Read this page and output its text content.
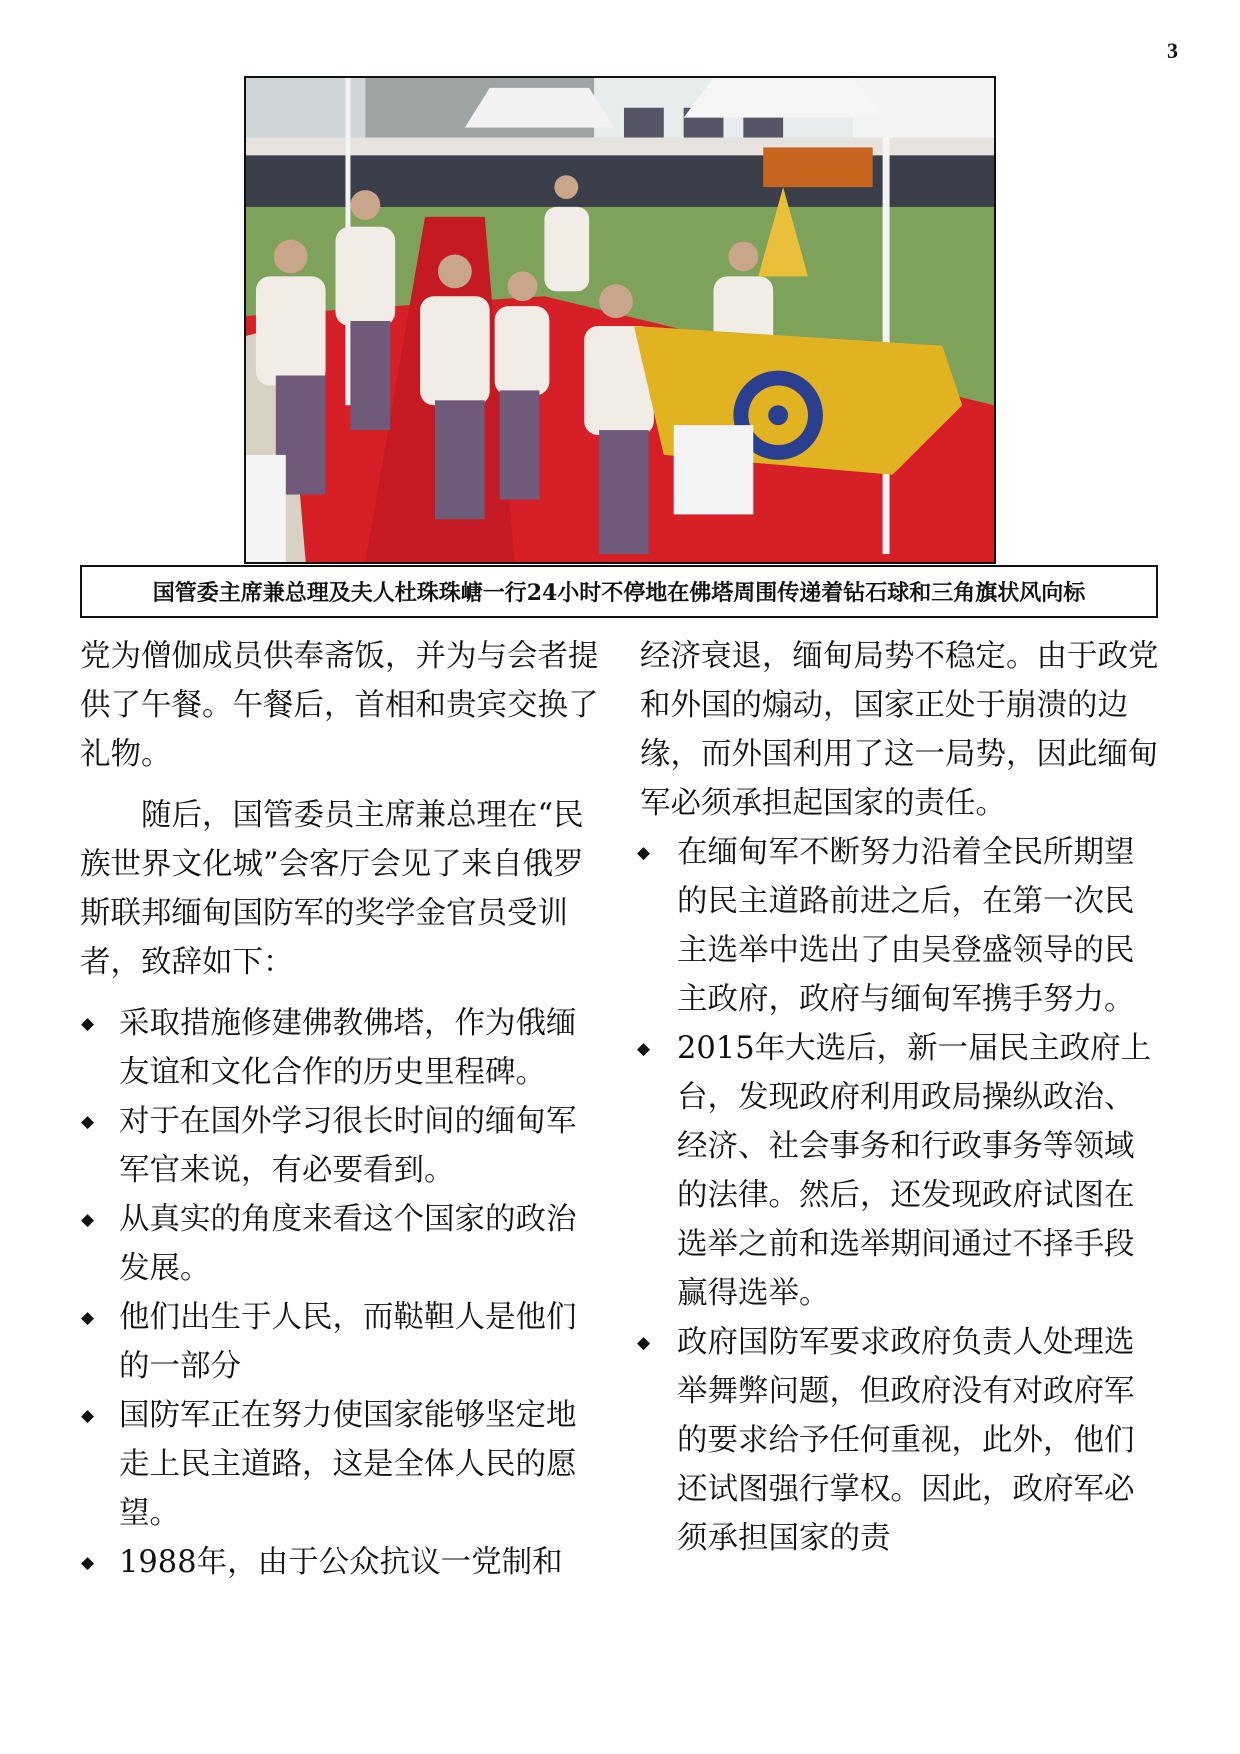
3
国管委主席兼总理及夫人杜珠珠嵣一行24小时不停地在佛塔周围传递着钻石球和三角旗状风向标

党为僧伽成员供奉斋饭，并为与会者提供了午餐。午餐后，首相和贵宾交换了礼物。

随后，国管委员主席兼总理在“民族世界文化城”会客厅会见了来自俄罗斯联邦缅甸国防军的奖学金官员受训者，致辞如下：

◆ 采取措施修建佛教佛塔，作为俄缅友谊和文化合作的历史里程碑。
◆ 对于在国外学习很长时间的缅甸军军官来说，有必要看到。
◆ 从真实的角度来看这个国家的政治发展。
◆ 他们出生于人民，而鞑靼人是他们的一部分
◆ 国防军正在努力使国家能够坚定地走上民主道路，这是全体人民的愿望。
◆ 1988年，由于公众抗议一党制和

经济衰退，缅甸局势不稳定。由于政党和外国的煽动，国家正处于崩溃的边缘，而外国利用了这一局势，因此缅甸军必须承担起国家的责任。

◆ 在缅甸军不断努力沿着全民所期望的民主道路前进之后，在第一次民主选举中选出了由吴登盛领导的民主政府，政府与缅甸军携手努力。
◆ 2015年大选后，新一届民主政府上台，发现政府利用政局操纵政治、经济、社会事务和行政事务等领域的法律。然后，还发现政府试图在选举之前和选举期间通过不择手段赢得选举。
◆ 政府国防军要求政府负责人处理选举舞弊问题，但政府没有对政府军的要求给予任何重视，此外，他们还试图强行掌权。因此，政府军必须承担国家的责
